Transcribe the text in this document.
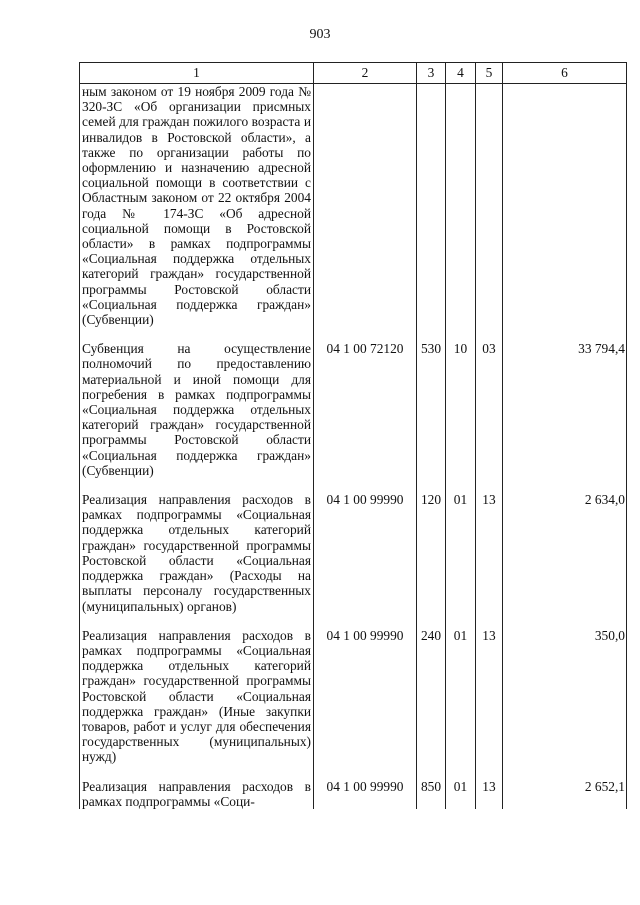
903
1	2	3	4	5	6
ным законом от 19 ноября 2009 года № 320-ЗС «Об организации присмных семей для граждан пожилого возраста и инвалидов в Ростовской области», а также по организации работы по оформлению и назначению адресной социальной помощи в соответствии с Областным законом от 22 октября 2004 года № 174-ЗС «Об адресной социальной помощи в Ростовской области» в рамках подпрограммы «Социальная поддержка отдельных категорий граждан» государственной программы Ростовской области «Социальная поддержка граждан» (Субвенции)					
Субвенция на осуществление полномочий по предоставлению материальной и иной помощи для погребения в рамках подпрограммы «Социальная поддержка отдельных категорий граждан» государственной программы Ростовской области «Социальная поддержка граждан» (Субвенции)	04 1 00 72120	530	10	03	33 794,4
Реализация направления расходов в рамках подпрограммы «Социальная поддержка отдельных категорий граждан» государственной программы Ростовской области «Социальная поддержка граждан» (Расходы на выплаты персоналу государственных (муниципальных) органов)	04 1 00 99990	120	01	13	2 634,0
Реализация направления расходов в рамках подпрограммы «Социальная поддержка отдельных категорий граждан» государственной программы Ростовской области «Социальная поддержка граждан» (Иные закупки товаров, работ и услуг для обеспечения государственных (муниципальных) нужд)	04 1 00 99990	240	01	13	350,0
Реализация направления расходов в рамках подпрограммы «Соци-	04 1 00 99990	850	01	13	2 652,1
